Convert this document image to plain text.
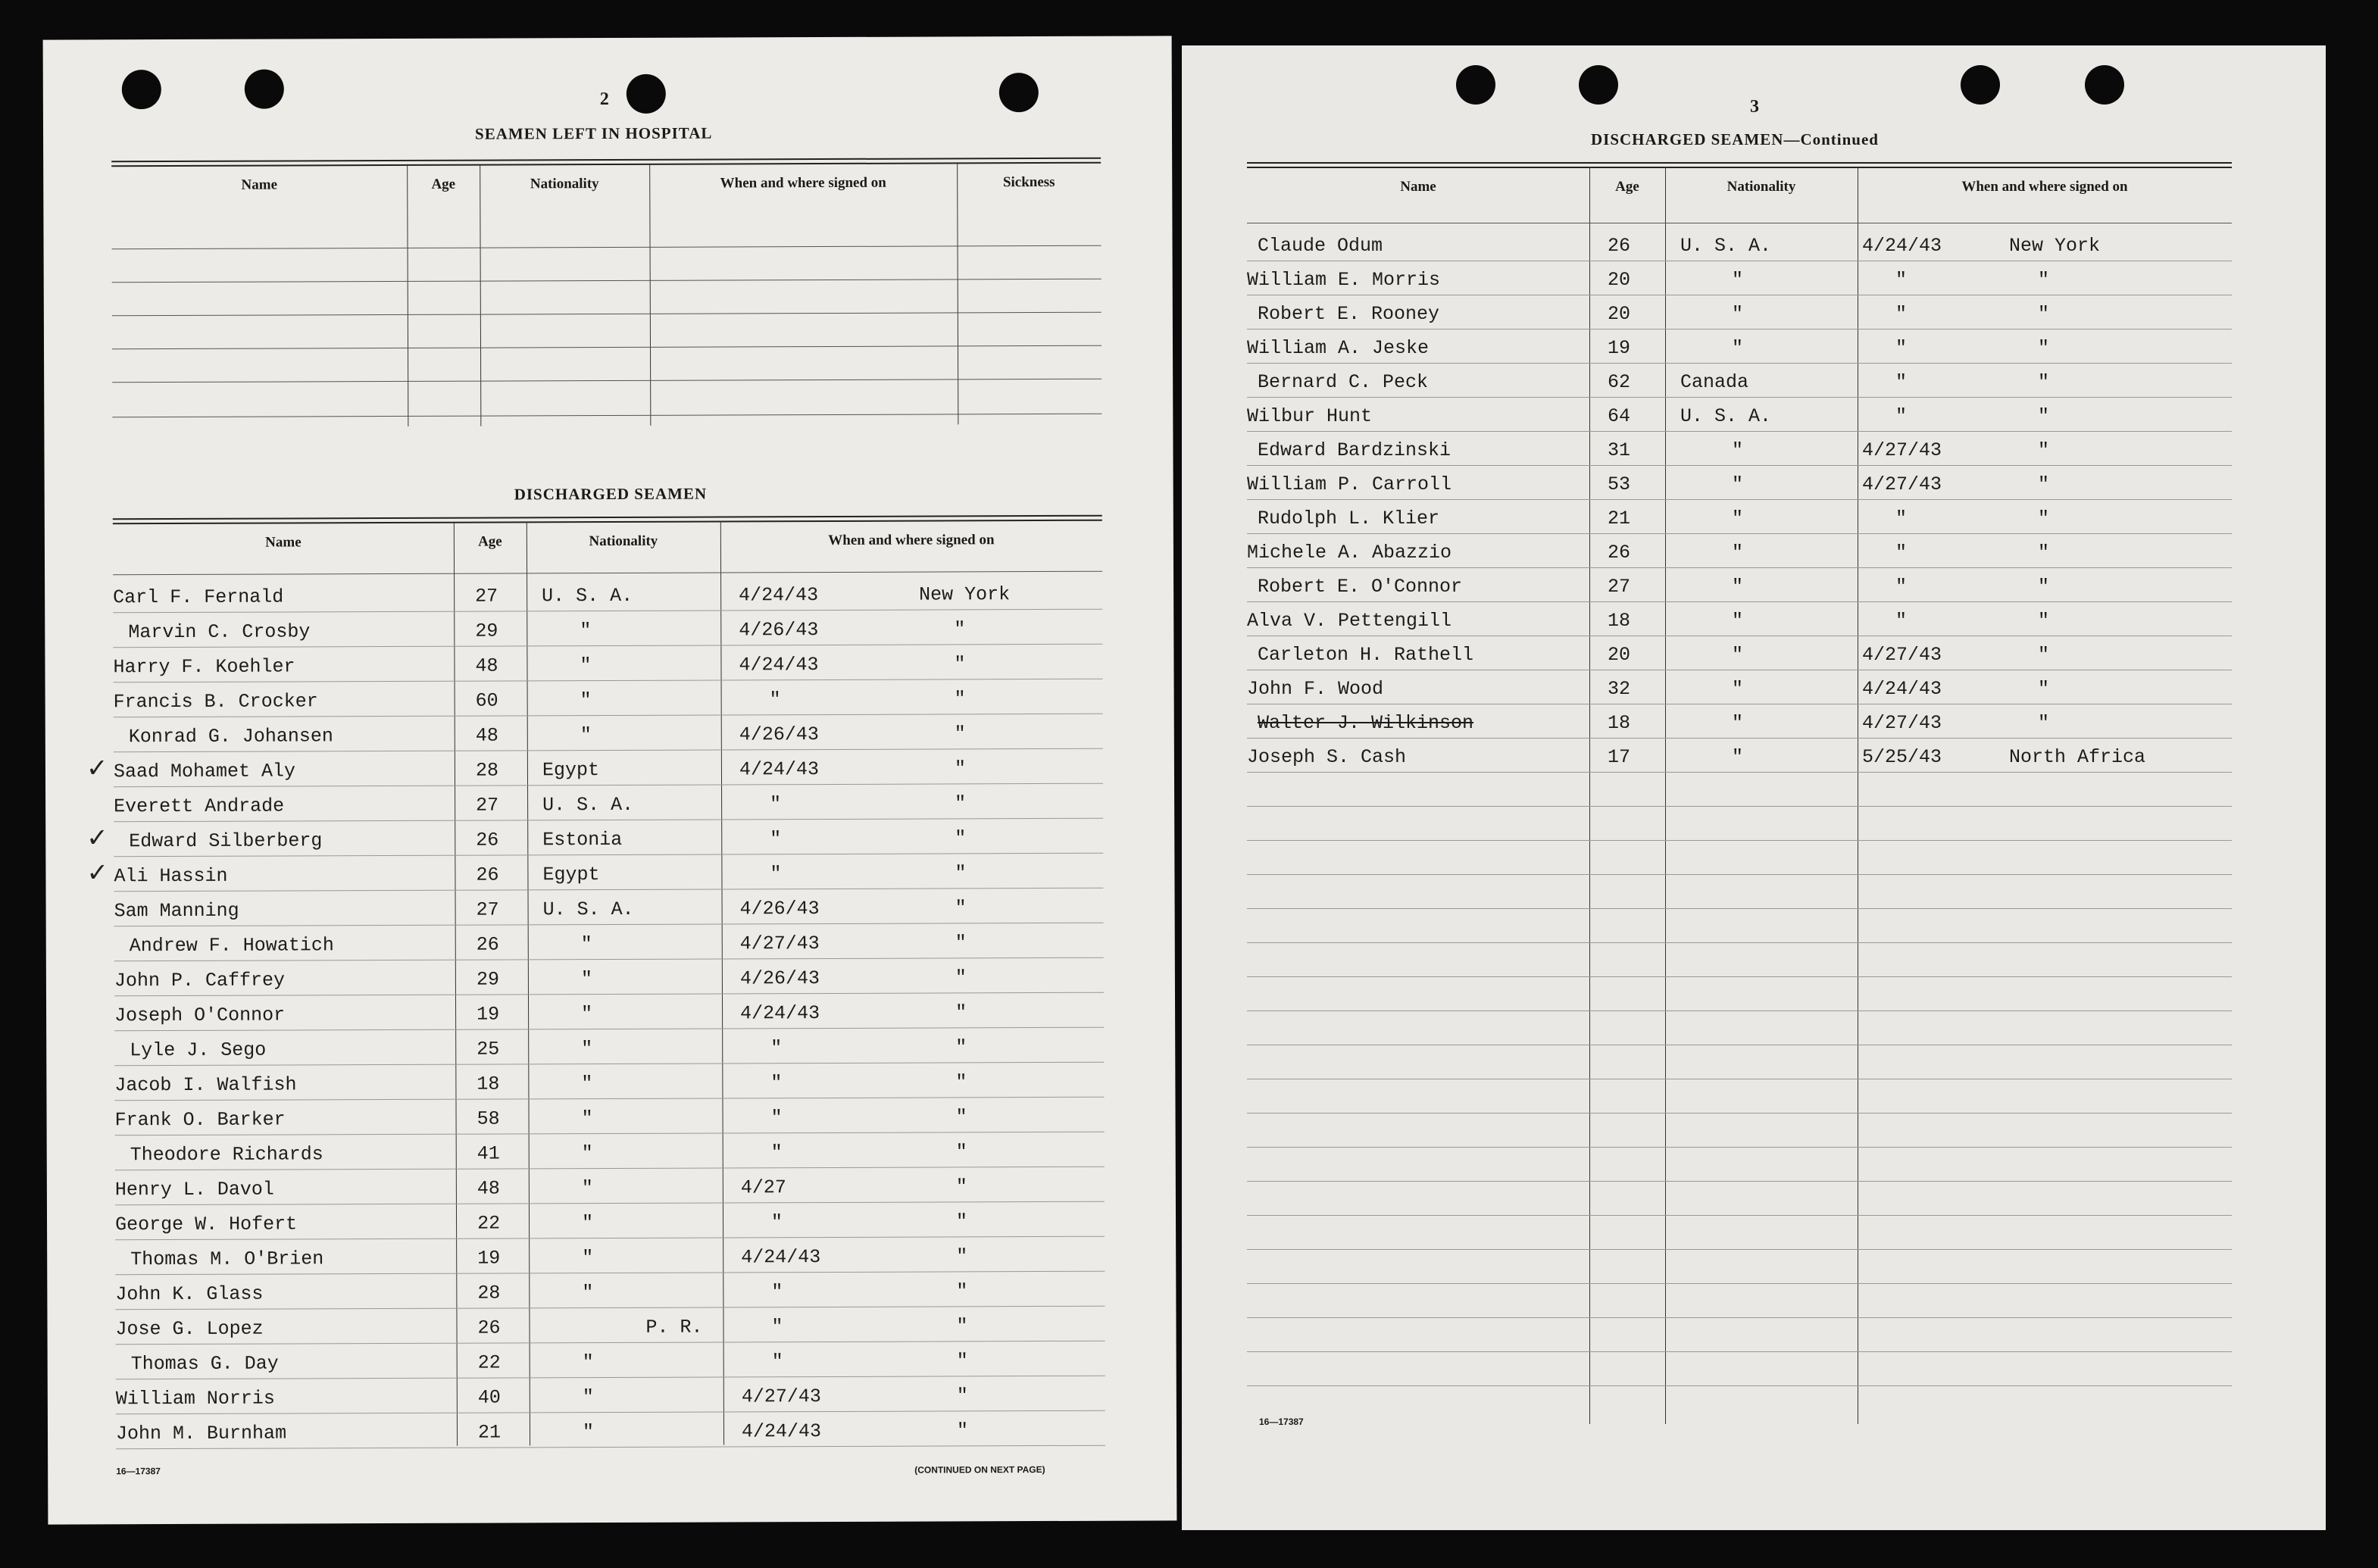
2
SEAMEN LEFT IN HOSPITAL
Name	Age	Nationality	When and where signed on	Sickness
DISCHARGED SEAMEN
Name	Age	Nationality	When and where signed on
Carl F. Fernald	27 U. S. A.	4/24/43	New York
Marvin C. Crosby	29	"	4/26/43	"
Harry F. Koehler	48	"	4/24/43	"
Francis B. Crocker	60	"	"	"
Konrad G. Johansen	48	"	4/26/43	"
✓ Saad Mohamet Aly	28 Egypt	4/24/43	"
Everett Andrade	27 U. S. A.	"	"
✓ Edward Silberberg	26 Estonia	"	"
✓ Ali Hassin	26 Egypt	"	"
Sam Manning	27 U. S. A.	4/26/43	"
Andrew F. Howatich	26	"	4/27/43	"
John P. Caffrey	29	"	4/26/43	"
Joseph O'Connor	19	"	4/24/43	"
Lyle J. Sego	25	"	"	"
Jacob I. Walfish	18	"	"	"
Frank O. Barker	58	"	"	"
Theodore Richards	41	"	"	"
Henry L. Davol	48	"	4/27	"
George W. Hofert	22	"	"	"
Thomas M. O'Brien	19	"	4/24/43	"
John K. Glass	28	"	"	"
Jose G. Lopez	26	P. R.	"	"
Thomas G. Day	22	"	"	"
William Norris	40	"	4/27/43	"
John M. Burnham	21	"	4/24/43	"
16—17387	(CONTINUED ON NEXT PAGE)
3
DISCHARGED SEAMEN—Continued
Name	Age	Nationality	When and where signed on
Claude Odum	26	U. S. A.	4/24/43	New York
William E. Morris	20	"	"	"
Robert E. Rooney	20	"	"	"
William A. Jeske	19	"	"	"
Bernard C. Peck	62	Canada	"	"
Wilbur Hunt	64	U. S. A.	"	"
Edward Bardzinski	31	"	4/27/43	"
William P. Carroll	53	"	4/27/43	"
Rudolph L. Klier	21	"	"	"
Michele A. Abazzio	26	"	"	"
Robert E. O'Connor	27	"	"	"
Alva V. Pettengill	18	"	"	"
Carleton H. Rathell	20	"	4/27/43	"
John F. Wood	32	"	4/24/43	"
Walter J. Wilkinson	18	"	4/27/43	"
Joseph S. Cash	17	"	5/25/43	North Africa
16—17387
